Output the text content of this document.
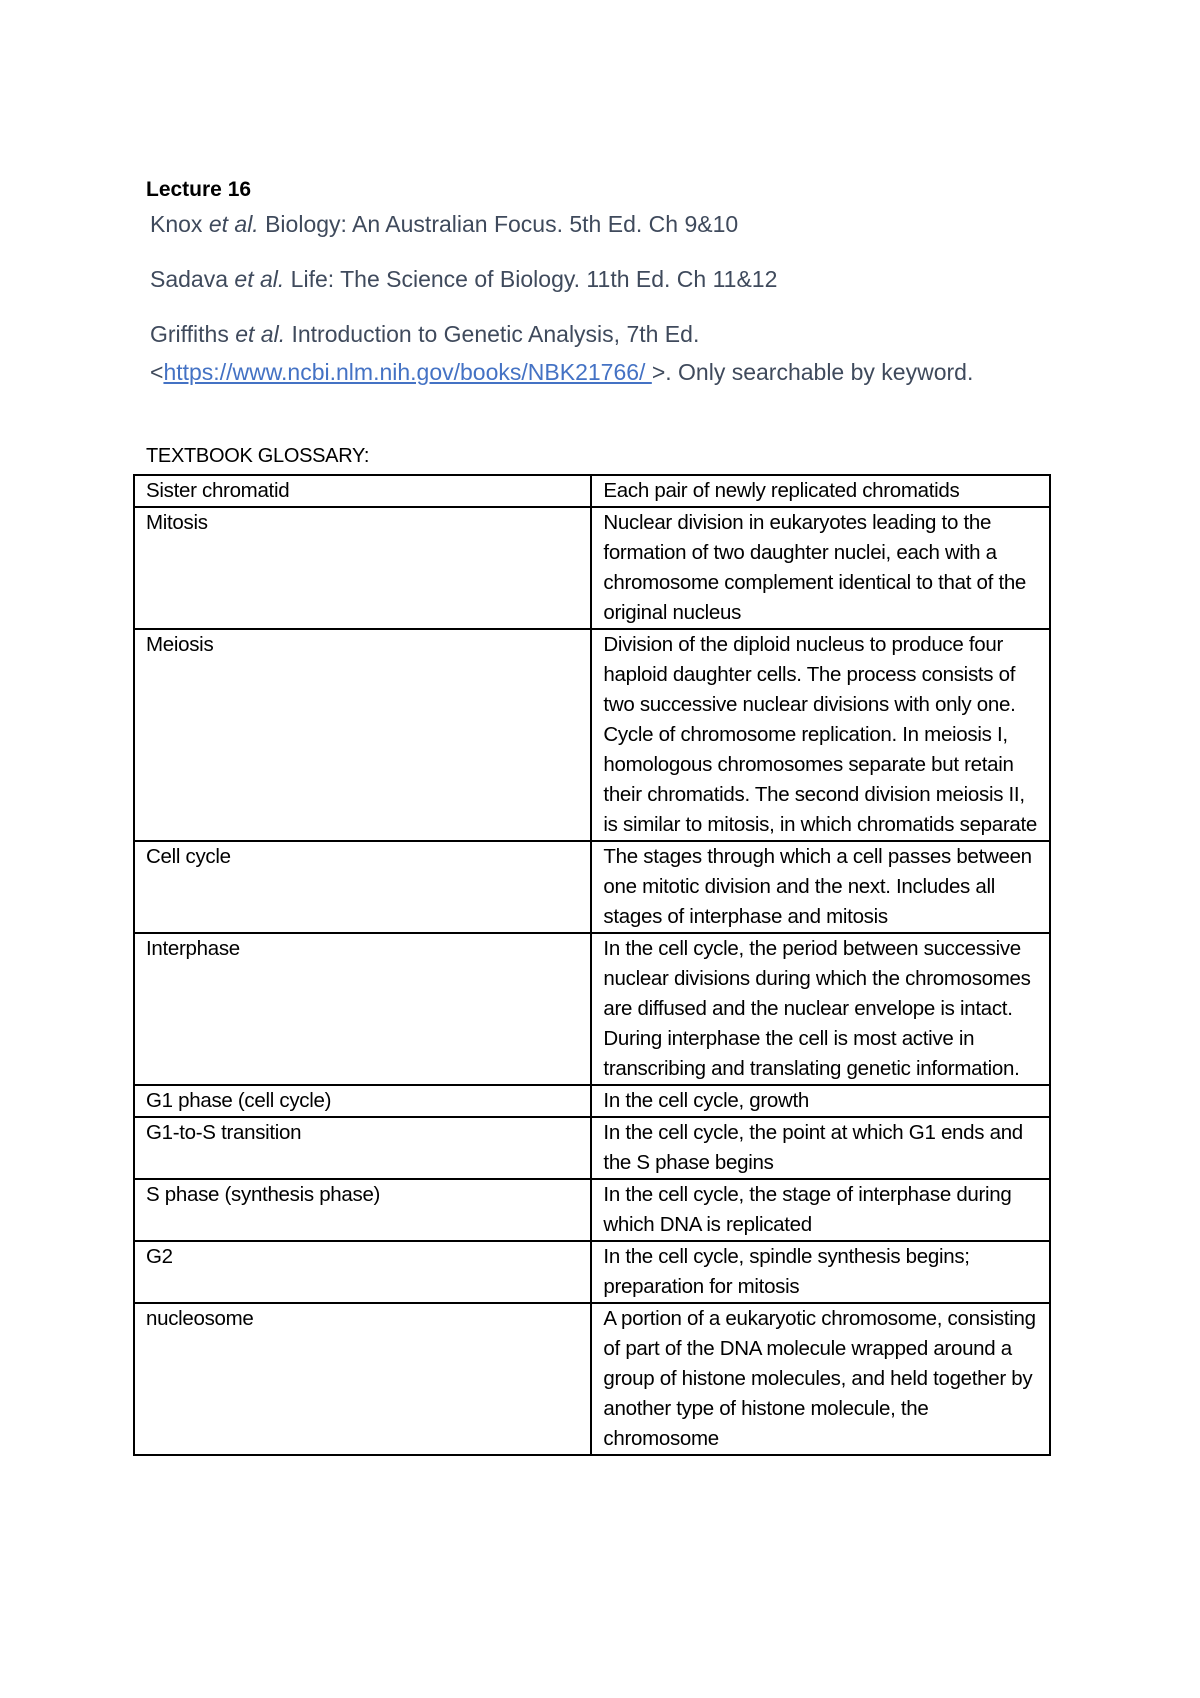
Lecture 16
Knox et al. Biology: An Australian Focus. 5th Ed. Ch 9&10
Sadava et al. Life: The Science of Biology. 11th Ed. Ch 11&12
Griffiths et al. Introduction to Genetic Analysis, 7th Ed.
<https://www.ncbi.nlm.nih.gov/books/NBK21766/ >. Only searchable by keyword.
TEXTBOOK GLOSSARY:
Sister chromatid	Each pair of newly replicated chromatids
Mitosis	Nuclear division in eukaryotes leading to the formation of two daughter nuclei, each with a chromosome complement identical to that of the original nucleus
Meiosis	Division of the diploid nucleus to produce four haploid daughter cells. The process consists of two successive nuclear divisions with only one. Cycle of chromosome replication. In meiosis I, homologous chromosomes separate but retain their chromatids. The second division meiosis II, is similar to mitosis, in which chromatids separate
Cell cycle	The stages through which a cell passes between one mitotic division and the next. Includes all stages of interphase and mitosis
Interphase	In the cell cycle, the period between successive nuclear divisions during which the chromosomes are diffused and the nuclear envelope is intact. During interphase the cell is most active in transcribing and translating genetic information.
G1 phase (cell cycle)	In the cell cycle, growth
G1-to-S transition	In the cell cycle, the point at which G1 ends and the S phase begins
S phase (synthesis phase)	In the cell cycle, the stage of interphase during which DNA is replicated
G2	In the cell cycle, spindle synthesis begins; preparation for mitosis
nucleosome	A portion of a eukaryotic chromosome, consisting of part of the DNA molecule wrapped around a group of histone molecules, and held together by another type of histone molecule, the chromosome
